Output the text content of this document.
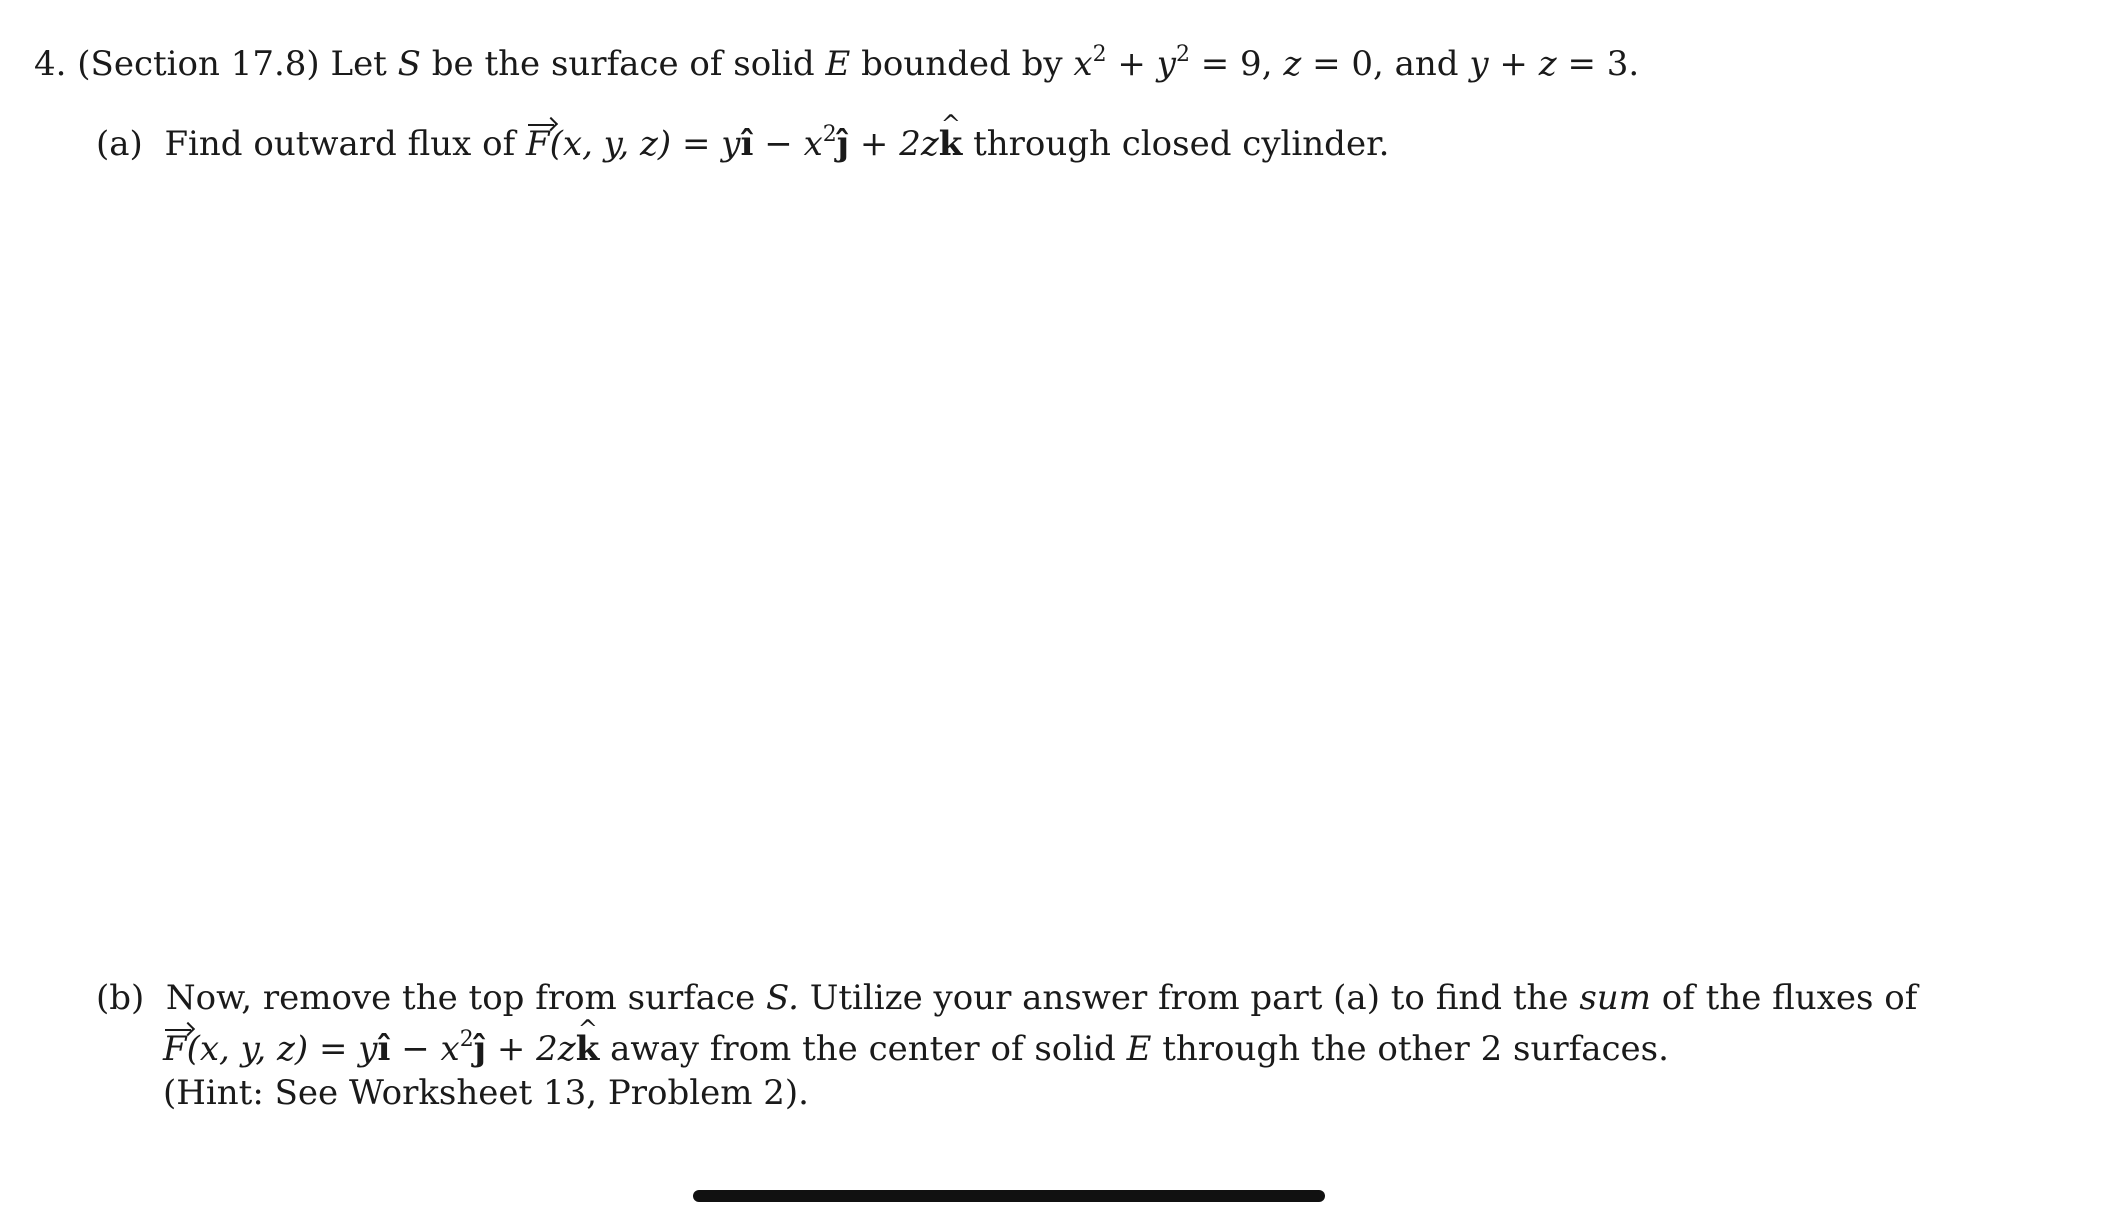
4. (Section 17.8) Let S be the surface of solid E bounded by $x^2 + y^2 = 9$, z = 0, and y + z = 3.
(a) Find outward flux of F(x, y, z) = yî − $x^2ĵ$ + 2z^ k through closed cylinder.
(b) Now, remove the top from surface S. Utilize your answer from part (a) to find the sum of the fluxes of
F(x, y, z) = yî − $x^2ĵ$ + 2z^ k away from the center of solid E through the other 2 surfaces.
(Hint: See Worksheet 13, Problem 2).
